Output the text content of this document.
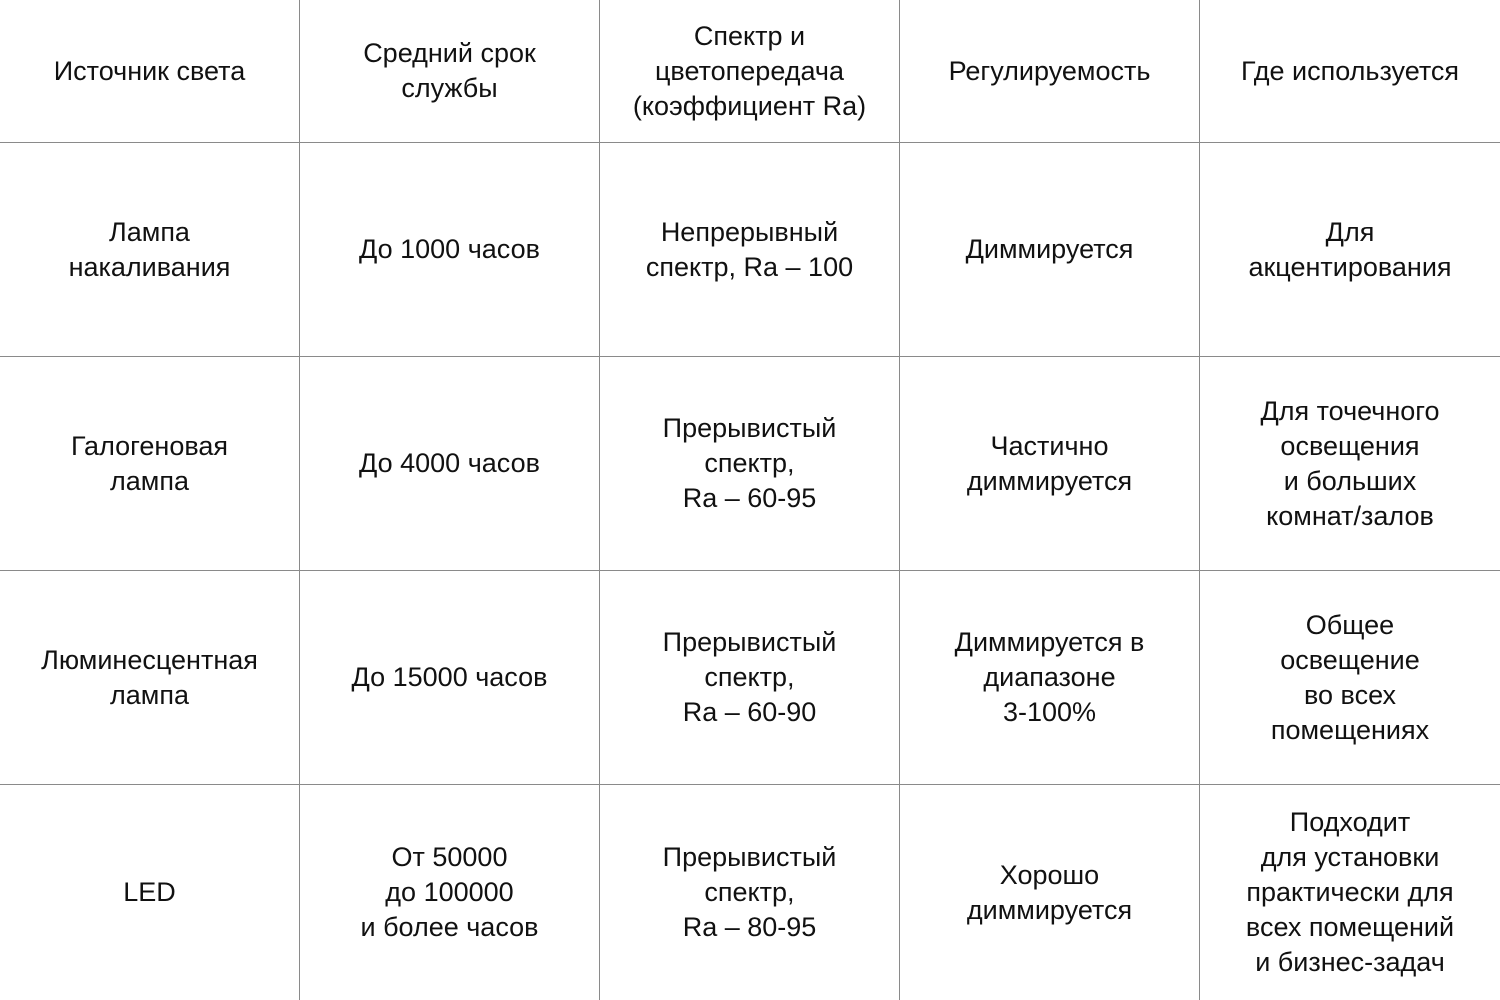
Источник света
Средний срок
службы
Спектр и
цветопередача
(коэффициент Ra)
Регулируемость	Где используется
Лампа
накаливания
До 1000 часов
Непрерывный
спектр, Ra – 100
Диммируется
Для
акцентирования
Галогеновая
лампа
До 4000 часов
Прерывистый
спектр,
Ra – 60-95
Частично
диммируется
Для точечного
освещения
и больших
комнат/залов
Люминесцентная
лампа
До 15000 часов
Прерывистый
спектр,
Ra – 60-90
Диммируется в
диапазоне
3-100%
Общее
освещение
во всех
помещениях
LED
От 50000
до 100000
и более часов
Прерывистый
спектр,
Ra – 80-95
Хорошо
диммируется
Подходит
для установки
практически для
всех помещений
и бизнес-задач
